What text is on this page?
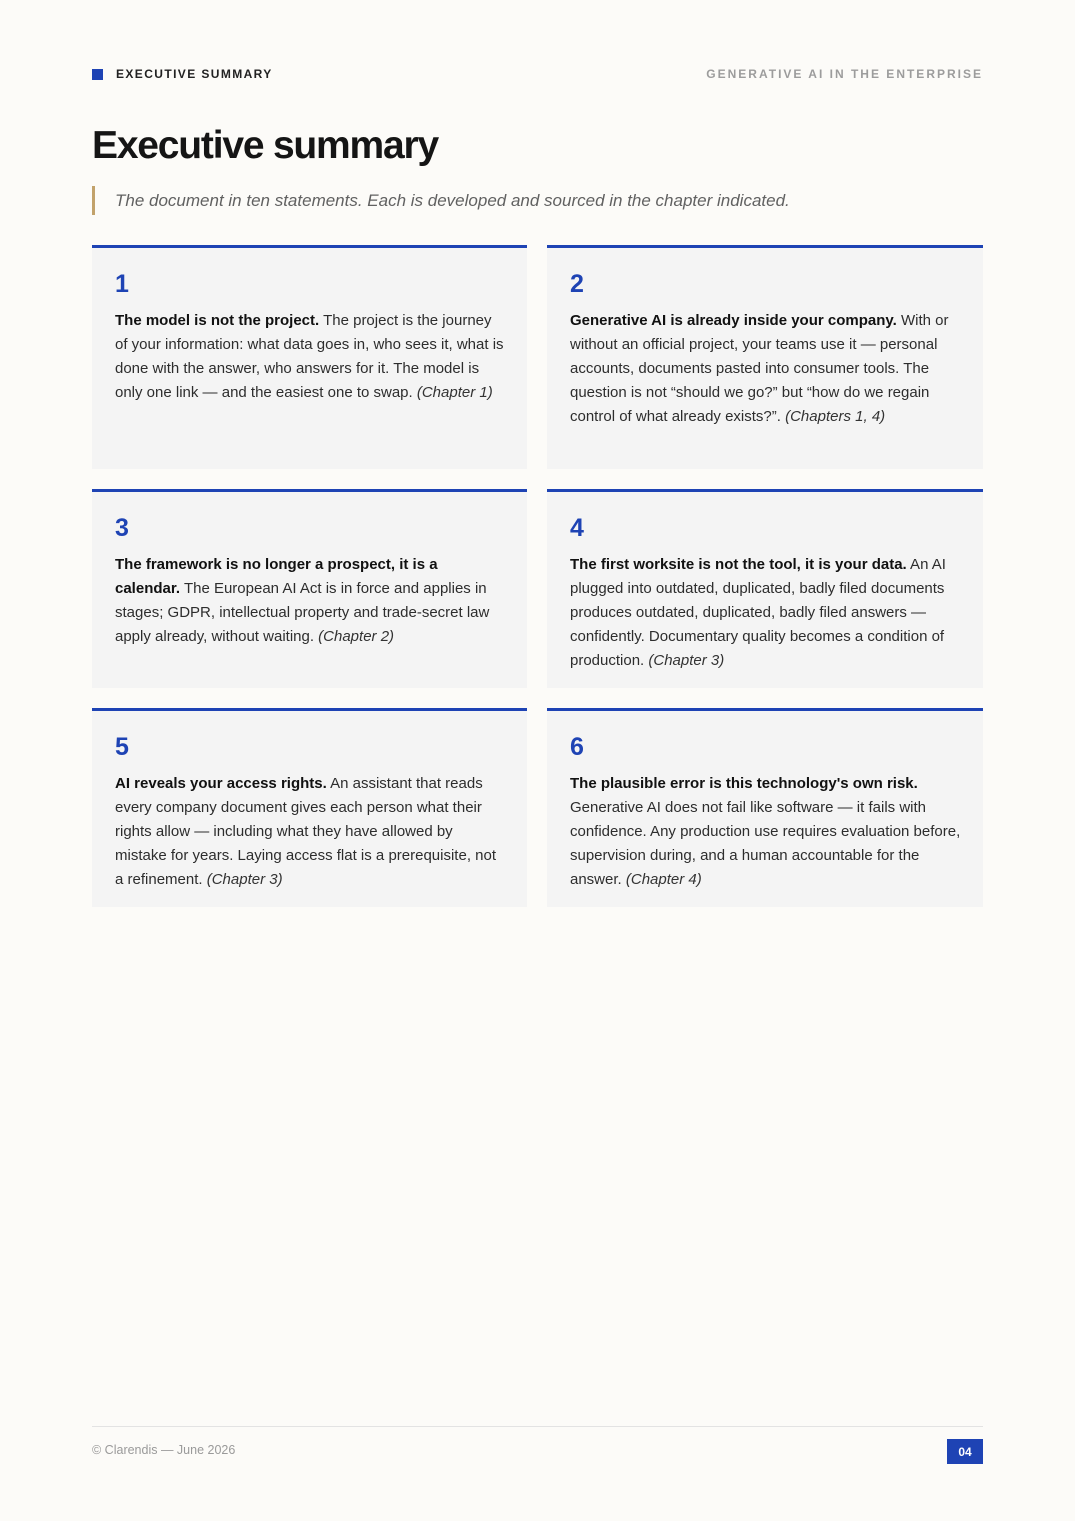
EXECUTIVE SUMMARY	GENERATIVE AI IN THE ENTERPRISE
Executive summary
The document in ten statements. Each is developed and sourced in the chapter indicated.
1

The model is not the project. The project is the journey of your information: what data goes in, who sees it, what is done with the answer, who answers for it. The model is only one link — and the easiest one to swap. (Chapter 1)

2

Generative AI is already inside your company. With or without an official project, your teams use it — personal accounts, documents pasted into consumer tools. The question is not “should we go?” but “how do we regain control of what already exists?”. (Chapters 1, 4)

3

The framework is no longer a prospect, it is a calendar. The European AI Act is in force and applies in stages; GDPR, intellectual property and trade-secret law apply already, without waiting. (Chapter 2)

4

The first worksite is not the tool, it is your data. An AI plugged into outdated, duplicated, badly filed documents produces outdated, duplicated, badly filed answers — confidently. Documentary quality becomes a condition of production. (Chapter 3)

5

AI reveals your access rights. An assistant that reads every company document gives each person what their rights allow — including what they have allowed by mistake for years. Laying access flat is a prerequisite, not a refinement. (Chapter 3)

6

The plausible error is this technology's own risk. Generative AI does not fail like software — it fails with confidence. Any production use requires evaluation before, supervision during, and a human accountable for the answer. (Chapter 4)

© Clarendis — June 2026	04
